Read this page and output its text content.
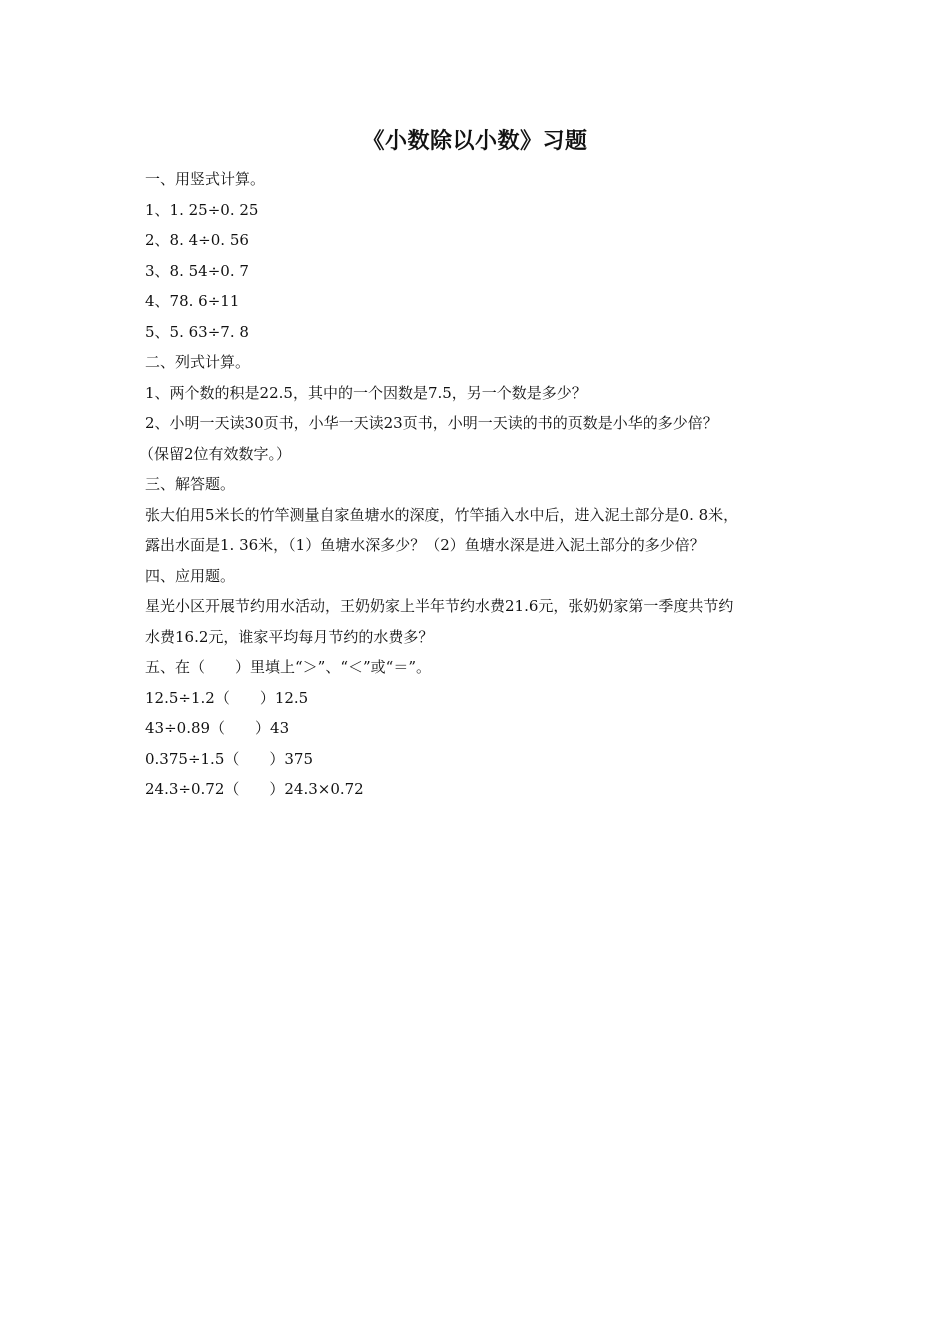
《小数除以小数》习题
一、用竖式计算。
1、1. 25÷0. 25
2、8. 4÷0. 56
3、8. 54÷0. 7
4、78. 6÷11
5、5. 63÷7. 8
二、列式计算。
1、两个数的积是22.5，其中的一个因数是7.5，另一个数是多少？
2、小明一天读30页书，小华一天读23页书，小明一天读的书的页数是小华的多少倍？
（保留2位有效数字。）
三、解答题。
张大伯用5米长的竹竿测量自家鱼塘水的深度，竹竿插入水中后，进入泥土部分是0. 8米，
露出水面是1. 36米，（1）鱼塘水深多少？（2）鱼塘水深是进入泥土部分的多少倍？
四、应用题。
星光小区开展节约用水活动，王奶奶家上半年节约水费21.6元，张奶奶家第一季度共节约
水费16.2元，谁家平均每月节约的水费多？
五、在（　　）里填上“＞”、“＜”或“＝”。
12.5÷1.2（　　）12.5
43÷0.89（　　）43
0.375÷1.5（　　）375
24.3÷0.72（　　）24.3×0.72
